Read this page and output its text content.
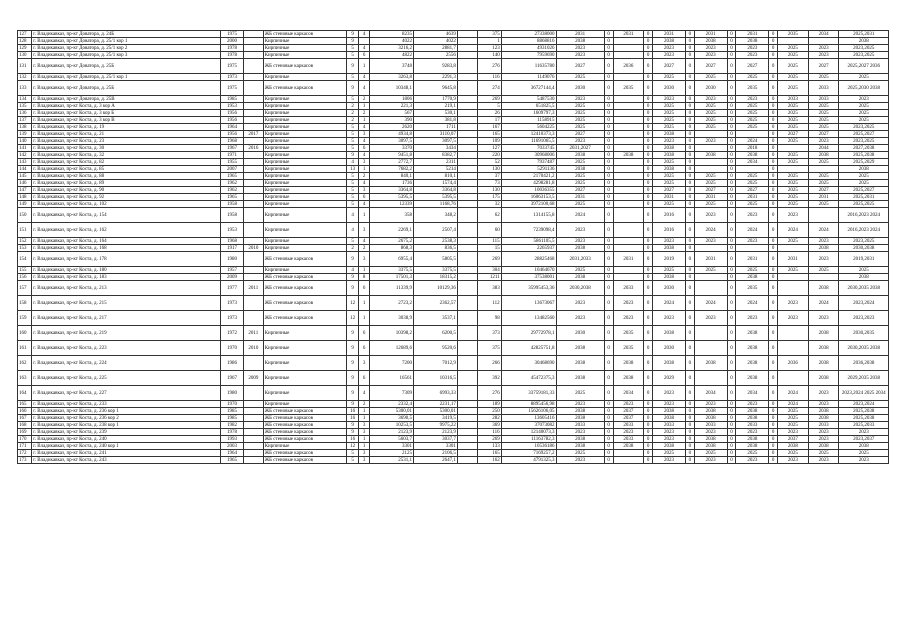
127	г. Владикавказ, пр-кт Доватора, д. 24Б	1975		ЖБ стеновые каркасов	9	4	8235	4639		375	27338000	2031	0	2031	0	2031	0	2031	0	2031	0	2035	2034	2025,2031
128	г. Владикавказ, пр-кт Доватора, д. 25/1 кор 1	2000		Кирпичные	9		4022	4022		1	8868816	2038	0		0	2038	0	2038	0	2038	0			2038
129	г. Владикавказ, пр-кт Доватора, д. 25/1 кор 2	1978		Кирпичные	5	4	3216,2	2881,7		123	4931026	2023	0		0	2023	0	2023	0	2023	0	2025	2023	2023,2025
130	г. Владикавказ, пр-кт Доватора, д. 25/1 кор 3	1978		Кирпичные	5	6	4822	2556		140	7959690	2023	0		0	2023	0	2023	0	2023	0	2025	2023	2023,2025
131	г. Владикавказ, пр-кт Доватора, д. 25Б	1975		ЖБ стеновые каркасов	9	1	3748	9283,8		276	11635780	2027	0	2036	0	2027	0	2027	0	2027	0	2025	2027	2025,2027 2036
132	г. Владикавказ, пр-кт Доватора, д. 25/1 кор 1	1973		Кирпичные	5	4	3263,8	2291,3		116	1149076	2025	0		0	2025	0	2025	0	2025	0	2025	2025	2025
133	г. Владикавказ, пр-кт Доватора, д. 25Б	1975		ЖБ стеновые каркасов	9	4	10348,1	9645,8		274	36727144,4	2030	0	2035	0	2030	0	2030	0	2035	0	2025	2033	2025,2030 2038
134	г. Владикавказ, пр-кт Доватора, д. 25В	1985		Кирпичные	5	2	1806	1770,9		269	5487530	2023	0		0	2023	0	2023	0	2023	0	2033	2033	2023
135	г. Владикавказ, пр-кт Коста, д. 3 кор А	1953		Кирпичные	2	1	221,3	219,1		5	651825,5	2025	0		0	2025	0	2025	0	2025	0	2025	2025	2025
136	г. Владикавказ, пр-кт Коста, д. 3 кор Б	1956		Кирпичные	2	2	567	530,1		26	1609797,3	2025	0		0	2025	0	2025	0	2025	0	2025	2025	2025
137	г. Владикавказ, пр-кт Коста, д. 3 кор В	1956		Кирпичные	2	1	390	381,8		17	1158915	2025	0		0	2025	0	2025	0	2025	0	2025	2025	2025
138	г. Владикавказ, пр-кт Коста, д. 19	1964		Кирпичные	5	4	2620	1711		167	5604225	2025	0		0	2025	0	2025	0	2025	0	2025	2025	2023,2025
139	г. Владикавказ, пр-кт Коста, д. 21	1956	2017	Кирпичные	5	3	4934,8	3110,07		165	12410373,3	2027	0		0	2038	0		0		0	2027	2027	2025,2027
140	г. Владикавказ, пр-кт Коста, д. 23	1968		Кирпичные	5	4	3097,5	3097,5		109	11691065,5	2023	0		0	2023	0	2023	0	2024	0	2025	2023	2023,2025
141	г. Владикавказ, пр-кт Коста, д. 30	1967	2016	Кирпичные	5	6	3370	3434		127	7033745	2031,2027	0		0	2038	0		0	2018	0		2044	2027,2038
142	г. Владикавказ, пр-кт Коста, д. 32	1971		Кирпичные	9	4	9451,8	8382,7		220	30968006	2038	0	2038	0	2038	0	2038	0	2038	0	2025	2038	2025,2038
143	г. Владикавказ, пр-кт Коста, д. 82	1955		Кирпичные	4	3	2772,7	2311		52	7937487	2025	0		0	2025	0		0	2034	0	2025	2025	2025,2029
144	г. Владикавказ, пр-кт Коста, д. 85	2007		Кирпичные	13	1	7682,2	5214		130	5291136	2038	0		0	2038	0		0		0			2038
145	г. Владикавказ, пр-кт Коста, д. 88	1965		Кирпичные	5	2	840,1	810,1		37	2170421,2	2025	0		0	2025	0	2025	0	2025	0	2025	2025	2025
146	г. Владикавказ, пр-кт Коста, д. 89	1962		Кирпичные	5	4	1736	1574,4		73	4298281,8	2025	0		0	2025	0	2025	0	2025	0	2025	2025	2025
147	г. Владикавказ, пр-кт Коста, д. 90	1962		Кирпичные	5	3	3364,8	3364,8		130	10036355	2027	0		0	2027	0	2027	0	2027	0	2025	2027	2025,2027
148	г. Владикавказ, пр-кт Коста, д. 92	1965		Кирпичные	5	6	5395,5	5395,5		175	16063153,5	2031	0		0	2031	0	2031	0	2031	0	2025	2031	2025,2031
149	г. Владикавказ, пр-кт Коста, д. 102	1958		Кирпичные	5	4	12339	1168,76		32	3972100,68	2025	0		0	2025	0	2025	0	2025	0	2025	2025	2025,2025
150	г. Владикавказ, пр-кт Коста, д. 154	1958		Кирпичные	4	1	358	348,2		62	1314155,8	2024	0		0	2016	0	2023	0	2023	0	2023		2016,2023 2024
151	г. Владикавказ, пр-кт Коста, д. 162	1953		Кирпичные	4	3	2269,1	2507,4		60	7239098,4	2023	0		0	2016	0	2024	0	2024	0	2024	2024	2016,2023 2024
152	г. Владикавказ, пр-кт Коста, д. 164	1968		Кирпичные	5	4	2675,2	2538,3		115	5861105,5	2023	0		0	2023	0	2023	0	2023	0	2025	2023	2023,2025
153	г. Владикавказ, пр-кт Коста, д. 168	1917	2010	Кирпичные	2	2	868,3	836,5		15	2265937	2038	0		0	2038	0		0		0		2038	2030,2038
154	г. Владикавказ, пр-кт Коста, д. 178	1980		ЖБ стеновые каркасов	9	3	6955,4	5805,5		269	28825468	2031,2033	0	2031	0	2019	0	2031	0	2031	0	2031	2023	2019,2031
155	г. Владикавказ, пр-кт Коста, д. 180	1957		Кирпичные	4	1	3375,5	3375,5		304	10464670	2025	0		0	2025	0	2025	0	2025	0	2025	2025	2025
156	г. Владикавказ, пр-кт Коста, д. 183	2009		ЖБ стеновые каркасов	9	8	17501,3	18315,2		1211	37538001	2038	0		0	2038	0		0	2038	0			2038
157	г. Владикавказ, пр-кт Коста, д. 213	1977	2011	ЖБ стеновые каркасов	9	6	11339,9	10129,36		383	35995453,36	2030,2038	0	2033	0	2030	0		0	2035	0		2038	2030,2035 2038
158	г. Владикавказ, пр-кт Коста, д. 215	1973		ЖБ стеновые каркасов	12	1	2723,2	2362,57		112	13673067	2023	0	2023	0	2024	0	2024	0	2024	0	2023	2024	2023,2024
159	г. Владикавказ, пр-кт Коста, д. 217	1973		ЖБ стеновые каркасов	12	1	3038,9	3537,1		98	13482560	2023	0	2023	0	2023	0	2023	0	2023	0	2023	2023	2023,2023
160	г. Владикавказ, пр-кт Коста, д. 219	1972	2011	Кирпичные	9	6	10398,2	6200,5		373	29772978,1	2030	0	2035	0	2038	0		0	2038	0		2038	2030,2035
161	г. Владикавказ, пр-кт Коста, д. 223	1970	2010	Кирпичные	9	6	12689,6	9520,6		375	42825751,8	2038	0	2035	0	2030	0		0	2038	0		2038	2030,2035 2038
162	г. Владикавказ, пр-кт Коста, д. 224	1986		Кирпичные	9	3	7200	7012,9		266	30468690	2038	0	2038	0	2038	0	2038	0	2038	0	2036	2038	2036,2038
163	г. Владикавказ, пр-кт Коста, д. 225	1967	2009	Кирпичные	9	6	16561	10316,5		392	45472375,3	2038	0	2038	0	2029	0		0	2038	0		2038	2029,2035 2038
164	г. Владикавказ, пр-кт Коста, д. 227	1980		Кирпичные	9	4	7309	6993,33		276	33759181,33	2025	0	2034	0	2023	0	2034	0	2034	0	2024	2023	2023,2024 2025 2034
165	г. Владикавказ, пр-кт Коста, д. 233	1970		Кирпичные	9	2	2332,4	2231,17		189	8895456,98	2023	0	2023	0	2023	0	2023	0	2023	0	2024	2023	2023,2024
166	г. Владикавказ, пр-кт Коста, д. 236 кор 1	1985		ЖБ стеновые каркасов	16	1	5300,01	5300,01		250	15626106,05	2038	0	2037	0	2038	0	2038	0	2038	0	2025	2038	2025,2038
167	г. Владикавказ, пр-кт Коста, д. 236 кор 2	1985		ЖБ стеновые каркасов	16	1	3690,5	3419,5		282	13605416	2038	0	2037	0	2038	0	2038	0	2038	0	2025	2038	2025,2038
168	г. Владикавказ, пр-кт Коста, д. 238 кор 1	1982		ЖБ стеновые каркасов	9	3	10253,5	9975,22		369	37073082	2033	0	2033	0	2033	0	2033	0	2033	0	2025	2033	2025,2033
169	г. Владикавказ, пр-кт Коста, д. 239	1978		ЖБ стеновые каркасов	9	3	2123,9	2123,9		116	12140073,3	2023	0	2023	0	2023	0	2023	0	2023	0	2023	2023	2023
170	г. Владикавказ, пр-кт Коста, д. 240	1993		ЖБ стеновые каркасов	16	1	5603,7	3037,7		269	11163782,3	2038	0	2033	0	2023	0	2038	0	2038	0	2037	2023	2023,2037
171	г. Владикавказ, пр-кт Коста, д. 240 кор 1	2003		Кирпичные	12	1	3301	3301		133	10536186	2038	0	2038	0	2038	0	2038	0	2038	0	2038	2038	2038
172	г. Владикавказ, пр-кт Коста, д. 241	1964		ЖБ стеновые каркасов	5	3	2125	2106,5		165	7169257,2	2025	0		0	2025	0	2025	0	2025	0	2025	2025	2025
173	г. Владикавказ, пр-кт Коста, д. 243	1965		ЖБ стеновые каркасов	5	3	2531,1	2647,1		162	4791325,3	2023	0		0	2023	0	2023	0	2023	0	2023	2023	2023
